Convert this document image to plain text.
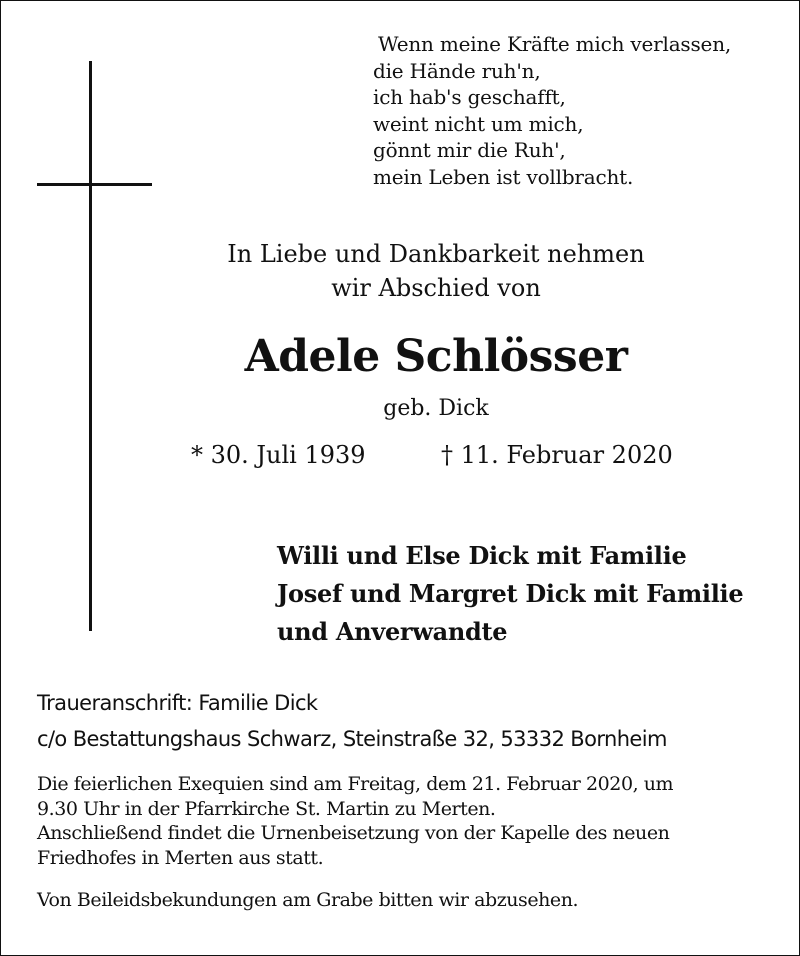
Wenn meine Kräfte mich verlassen,
die Hände ruh'n,
ich hab's geschafft,
weint nicht um mich,
gönnt mir die Ruh',
mein Leben ist vollbracht.
In Liebe und Dankbarkeit nehmen
wir Abschied von
Adele Schlösser
geb. Dick
* 30. Juli 1939	† 11. Februar 2020
Willi und Else Dick mit Familie
Josef und Margret Dick mit Familie
und Anverwandte
Traueranschrift: Familie Dick
c/o Bestattungshaus Schwarz, Steinstraße 32, 53332 Bornheim
Die feierlichen Exequien sind am Freitag, dem 21. Februar 2020, um
9.30 Uhr in der Pfarrkirche St. Martin zu Merten.
Anschließend findet die Urnenbeisetzung von der Kapelle des neuen
Friedhofes in Merten aus statt.
Von Beileidsbekundungen am Grabe bitten wir abzusehen.
